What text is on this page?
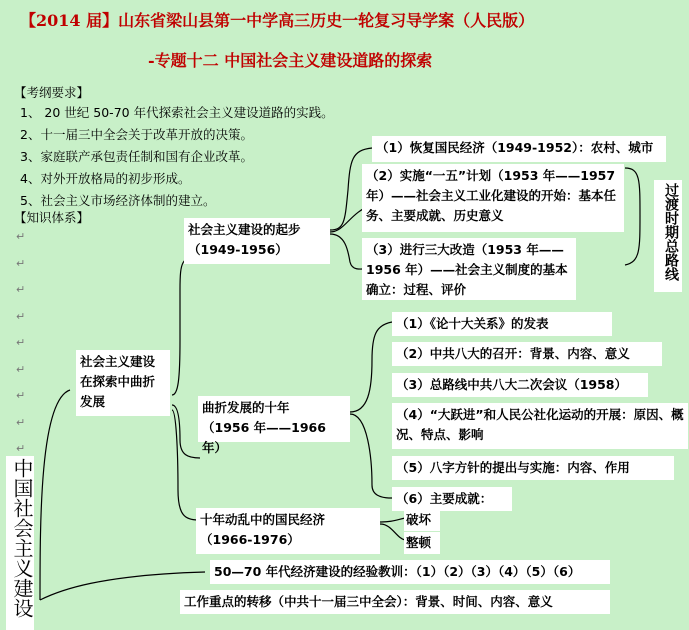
【2014 届】山东省梁山县第一中学高三历史一轮复习导学案（人民版）
-专题十二 中国社会主义建设道路的探索
【考纲要求】
1、 20 世纪 50-70 年代探索社会主义建设道路的实践。
2、十一届三中全会关于改革开放的决策。
3、家庭联产承包责任制和国有企业改革。
4、对外开放格局的初步形成。
5、社会主义市场经济体制的建立。
【知识体系】
↵
↵
↵
↵
↵
↵
↵
↵
↵
中国社会主义建设
社会主义建设在探索中曲折发展
社会主义建设的起步
（1949-1956）
（1）恢复国民经济（1949-1952）：农村、城市
（2）实施“一五”计划（1953 年——1957 年）——社会主义工业化建设的开始：基本任务、主要成就、历史意义
（3）进行三大改造（1953 年——1956 年）——社会主义制度的基本确立：过程、评价
过渡时期总路线
曲折发展的十年
（1956 年——1966 年）
（1）《论十大关系》的发表
（2）中共八大的召开：背景、内容、意义
（3）总路线中共八大二次会议（1958）
（4）“大跃进”和人民公社化运动的开展：原因、概况、特点、影响
（5）八字方针的提出与实施：内容、作用
（6）主要成就：
十年动乱中的国民经济
（1966-1976）
破坏
整顿
50—70 年代经济建设的经验教训：（1）（2）（3）（4）（5）（6）
工作重点的转移（中共十一届三中全会）：背景、时间、内容、意义
